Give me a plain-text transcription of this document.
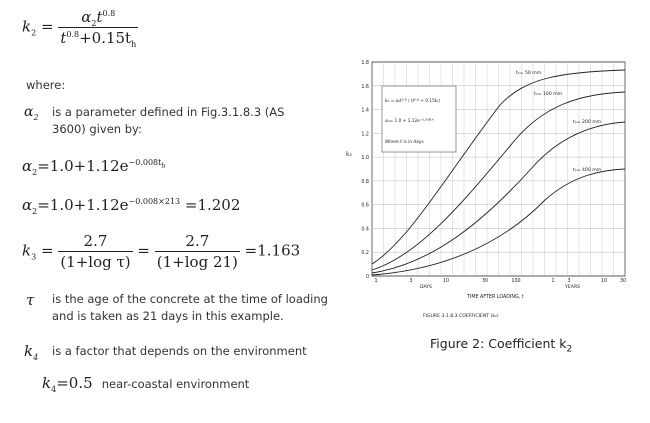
$k_2 = \frac{\alpha_2t^{0.8}}{t^{0.8}+0.15t_h}$
where:
$\alpha_2$ is a parameter defined in Fig.3.1.8.3 (AS
3600) given by:
$\alpha_2=1.0+1.12e^{-0.008t_h}$
$\alpha_2=1.0+1.12e^{-0.008\times 213} =1.202$
$k_3 = \frac{2.7}{\text{(1+log τ)}} = \frac{2.7}{(1+\log 21)} =1.163$
τ is the age of the concrete at the time of loading
and is taken as 21 days in this example.
$k_4$ is a factor that depends on the environment
$k_4=0.5$ near-coastal environment
k₂
1.8
1.6
1.4
1.2
1.0
0.8
0.6
0.4
0.2
0
1	3	10	30	100	1	3	10	30
k₂ = α₂t⁰·⁸ / (t⁰·⁸ + 0.15tₕ)
α₂= 1.0 + 1.12e⁻⁰·⁰⁰⁸ᵗʰ
Where t is in days
tₕ= 50 mm
tₕ= 100 mm
tₕ= 200 mm
tₕ= 400 mm
DAYS	YEARS
TIME AFTER LOADING, t
FIGURE 3.1.8.3 COEFFICIENT (k₂)
Figure 2: Coefficient $k_2$
